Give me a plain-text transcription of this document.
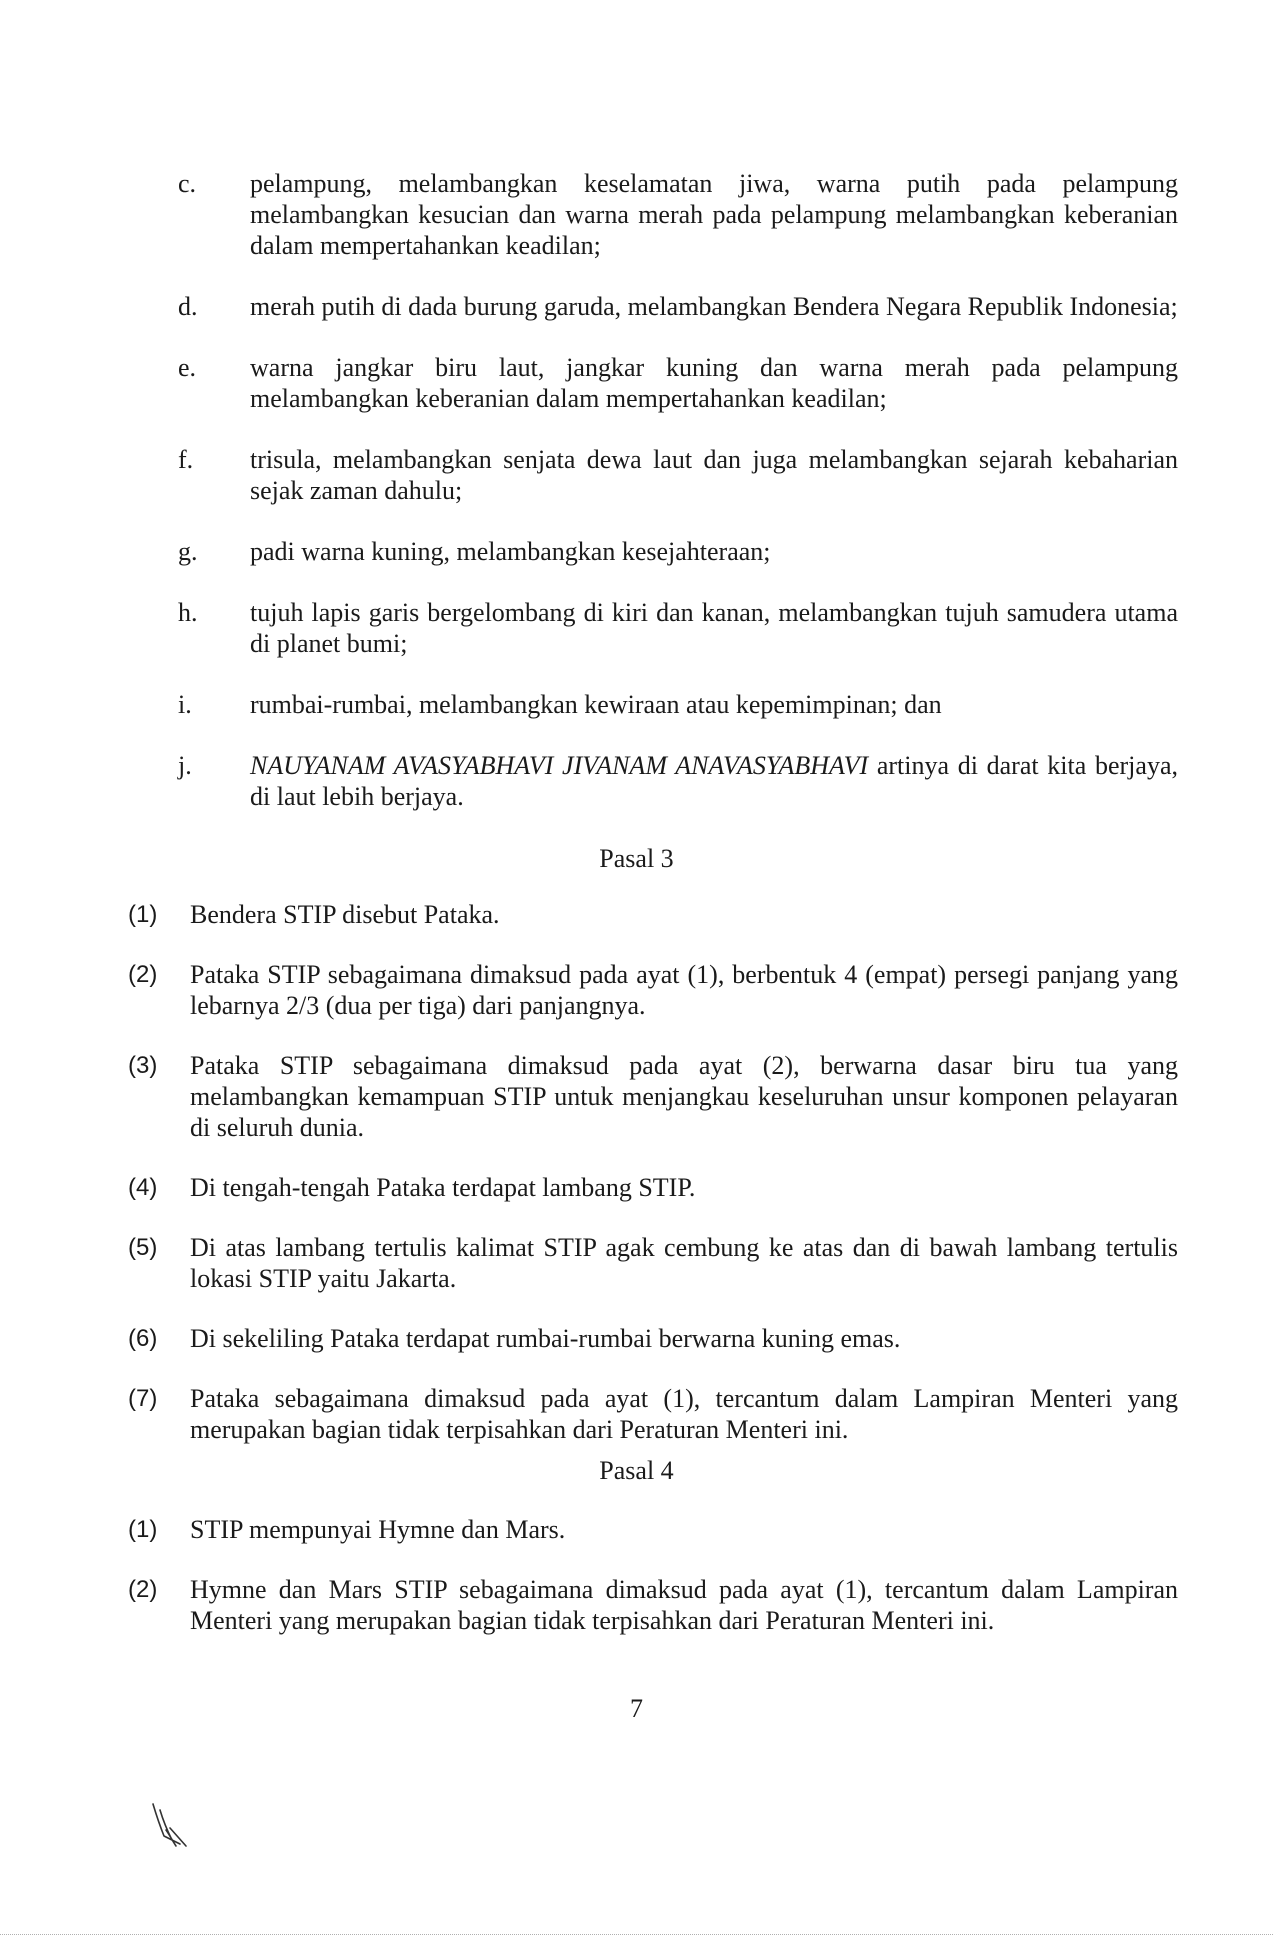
c.	pelampung, melambangkan keselamatan jiwa, warna putih pada pelampung melambangkan kesucian dan warna merah pada pelampung melambangkan keberanian dalam mempertahankan keadilan;
d.	merah putih di dada burung garuda, melambangkan Bendera Negara Republik Indonesia;
e.	warna jangkar biru laut, jangkar kuning dan warna merah pada pelampung melambangkan keberanian dalam mempertahankan keadilan;
f.	trisula, melambangkan senjata dewa laut dan juga melambangkan sejarah kebaharian sejak zaman dahulu;
g.	padi warna kuning, melambangkan kesejahteraan;
h.	tujuh lapis garis bergelombang di kiri dan kanan, melambangkan tujuh samudera utama di planet bumi;
i.	rumbai-rumbai, melambangkan kewiraan atau kepemimpinan; dan
j.	NAUYANAM AVASYABHAVI JIVANAM ANAVASYABHAVI artinya di darat kita berjaya, di laut lebih berjaya.
Pasal 3
(1)	Bendera STIP disebut Pataka.
(2)	Pataka STIP sebagaimana dimaksud pada ayat (1), berbentuk 4 (empat) persegi panjang yang lebarnya 2/3 (dua per tiga) dari panjangnya.
(3)	Pataka STIP sebagaimana dimaksud pada ayat (2), berwarna dasar biru tua yang melambangkan kemampuan STIP untuk menjangkau keseluruhan unsur komponen pelayaran di seluruh dunia.
(4)	Di tengah-tengah Pataka terdapat lambang STIP.
(5)	Di atas lambang tertulis kalimat STIP agak cembung ke atas dan di bawah lambang tertulis lokasi STIP yaitu Jakarta.
(6)	Di sekeliling Pataka terdapat rumbai-rumbai berwarna kuning emas.
(7)	Pataka sebagaimana dimaksud pada ayat (1), tercantum dalam Lampiran Menteri yang merupakan bagian tidak terpisahkan dari Peraturan Menteri ini.
Pasal 4
(1)	STIP mempunyai Hymne dan Mars.
(2)	Hymne dan Mars STIP sebagaimana dimaksud pada ayat (1), tercantum dalam Lampiran Menteri yang merupakan bagian tidak terpisahkan dari Peraturan Menteri ini.
7
